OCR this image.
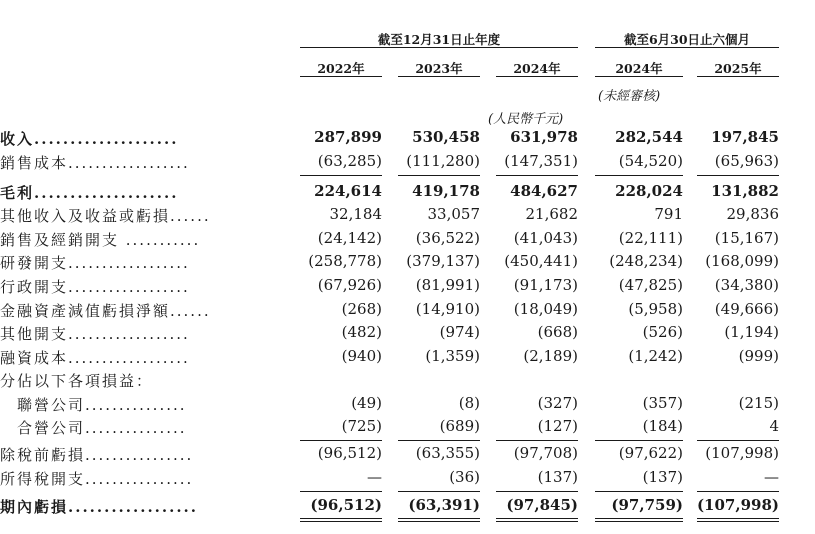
截至12月31日止年度	截至6月30日止六個月
2022年	2023年	2024年	2024年	2025年
(未經審核)
(人民幣千元)
收入....................	287,899	530,458	631,978	282,544	197,845
銷售成本..................	(63,285)	(111,280)	(147,351)	(54,520)	(65,963)
毛利....................	224,614	419,178	484,627	228,024	131,882
其他收入及收益或虧損......	32,184	33,057	21,682	791	29,836
銷售及經銷開支 ...........	(24,142)	(36,522)	(41,043)	(22,111)	(15,167)
研發開支..................	(258,778)	(379,137)	(450,441)	(248,234)	(168,099)
行政開支..................	(67,926)	(81,991)	(91,173)	(47,825)	(34,380)
金融資產減值虧損淨額......	(268)	(14,910)	(18,049)	(5,958)	(49,666)
其他開支..................	(482)	(974)	(668)	(526)	(1,194)
融資成本..................	(940)	(1,359)	(2,189)	(1,242)	(999)
分佔以下各項損益：
　聯營公司...............	(49)	(8)	(327)	(357)	(215)
　合營公司...............	(725)	(689)	(127)	(184)	4
除稅前虧損................	(96,512)	(63,355)	(97,708)	(97,622)	(107,998)
所得稅開支................	—	(36)	(137)	(137)	—
期內虧損..................	(96,512)	(63,391)	(97,845)	(97,759) (107,998)
